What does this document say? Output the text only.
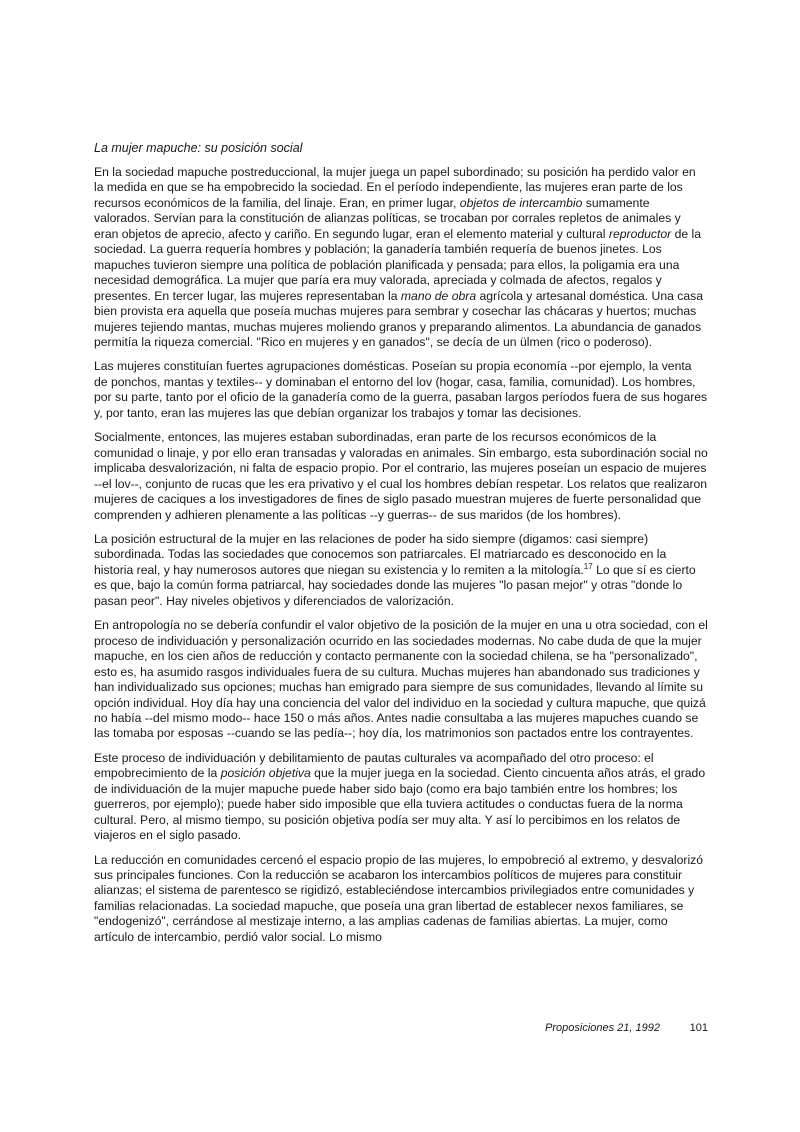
La mujer mapuche: su posición social

En la sociedad mapuche postreduccional, la mujer juega un papel subordinado; su posición ha perdido valor en la medida en que se ha empobrecido la sociedad. En el período independiente, las mujeres eran parte de los recursos económicos de la familia, del linaje. Eran, en primer lugar, objetos de intercambio sumamente valorados. Servían para la constitución de alianzas políticas, se trocaban por corrales repletos de animales y eran objetos de aprecio, afecto y cariño. En segundo lugar, eran el elemento material y cultural reproductor de la sociedad. La guerra requería hombres y población; la ganadería también requería de buenos jinetes. Los mapuches tuvieron siempre una política de población planificada y pensada; para ellos, la poligamia era una necesidad demográfica. La mujer que paría era muy valorada, apreciada y colmada de afectos, regalos y presentes. En tercer lugar, las mujeres representaban la mano de obra agrícola y artesanal doméstica. Una casa bien provista era aquella que poseía muchas mujeres para sembrar y cosechar las chácaras y huertos; muchas mujeres tejiendo mantas, muchas mujeres moliendo granos y preparando alimentos. La abundancia de ganados permitía la riqueza comercial. "Rico en mujeres y en ganados", se decía de un ülmen (rico o poderoso).

Las mujeres constituían fuertes agrupaciones domésticas. Poseían su propia economía --por ejemplo, la venta de ponchos, mantas y textiles-- y dominaban el entorno del lov (hogar, casa, familia, comunidad). Los hombres, por su parte, tanto por el oficio de la ganadería como de la guerra, pasaban largos períodos fuera de sus hogares y, por tanto, eran las mujeres las que debían organizar los trabajos y tomar las decisiones.

Socialmente, entonces, las mujeres estaban subordinadas, eran parte de los recursos económicos de la comunidad o linaje, y por ello eran transadas y valoradas en animales. Sin embargo, esta subordinación social no implicaba desvalorización, ni falta de espacio propio. Por el contrario, las mujeres poseían un espacio de mujeres --el lov--, conjunto de rucas que les era privativo y el cual los hombres debían respetar. Los relatos que realizaron mujeres de caciques a los investigadores de fines de siglo pasado muestran mujeres de fuerte personalidad que comprenden y adhieren plenamente a las políticas --y guerras-- de sus maridos (de los hombres).

La posición estructural de la mujer en las relaciones de poder ha sido siempre (digamos: casi siempre) subordinada. Todas las sociedades que conocemos son patriarcales. El matriarcado es desconocido en la historia real, y hay numerosos autores que niegan su existencia y lo remiten a la mitología.$^{17}$ Lo que sí es cierto es que, bajo la común forma patriarcal, hay sociedades donde las mujeres "lo pasan mejor" y otras "donde lo pasan peor". Hay niveles objetivos y diferenciados de valorización.

En antropología no se debería confundir el valor objetivo de la posición de la mujer en una u otra sociedad, con el proceso de individuación y personalización ocurrido en las sociedades modernas. No cabe duda de que la mujer mapuche, en los cien años de reducción y contacto permanente con la sociedad chilena, se ha "personalizado", esto es, ha asumido rasgos individuales fuera de su cultura. Muchas mujeres han abandonado sus tradiciones y han individualizado sus opciones; muchas han emigrado para siempre de sus comunidades, llevando al límite su opción individual. Hoy día hay una conciencia del valor del individuo en la sociedad y cultura mapuche, que quizá no había --del mismo modo-- hace 150 o más años. Antes nadie consultaba a las mujeres mapuches cuando se las tomaba por esposas --cuando se las pedía--; hoy día, los matrimonios son pactados entre los contrayentes.

Este proceso de individuación y debilitamiento de pautas culturales va acompañado del otro proceso: el empobrecimiento de la posición objetiva que la mujer juega en la sociedad. Ciento cincuenta años atrás, el grado de individuación de la mujer mapuche puede haber sido bajo (como era bajo también entre los hombres; los guerreros, por ejemplo); puede haber sido imposible que ella tuviera actitudes o conductas fuera de la norma cultural. Pero, al mismo tiempo, su posición objetiva podía ser muy alta. Y así lo percibimos en los relatos de viajeros en el siglo pasado.

La reducción en comunidades cercenó el espacio propio de las mujeres, lo empobreció al extremo, y desvalorizó sus principales funciones. Con la reducción se acabaron los intercambios políticos de mujeres para constituir alianzas; el sistema de parentesco se rigidizó, estableciéndose intercambios privilegiados entre comunidades y familias relacionadas. La sociedad mapuche, que poseía una gran libertad de establecer nexos familiares, se "endogenizó", cerrándose al mestizaje interno, a las amplias cadenas de familias abiertas. La mujer, como artículo de intercambio, perdió valor social. Lo mismo

Proposiciones 21, 1992	101
